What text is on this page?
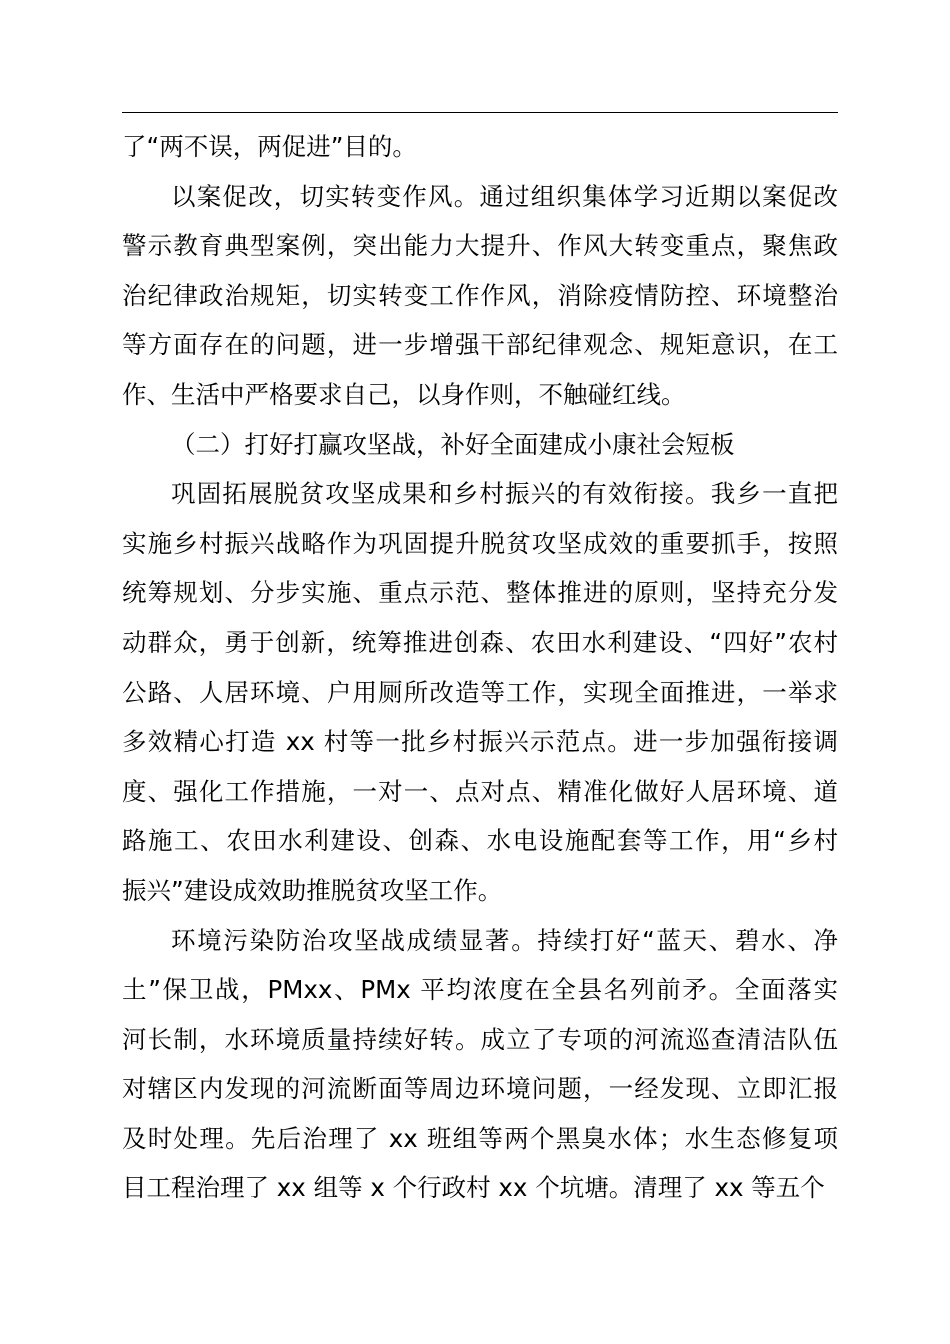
了“两不误，两促进”目的。
以案促改，切实转变作风。通过组织集体学习近期以案促改
警示教育典型案例，突出能力大提升、作风大转变重点，聚焦政
治纪律政治规矩，切实转变工作作风，消除疫情防控、环境整治
等方面存在的问题，进一步增强干部纪律观念、规矩意识，在工
作、生活中严格要求自己，以身作则，不触碰红线。
（二）打好打赢攻坚战，补好全面建成小康社会短板
巩固拓展脱贫攻坚成果和乡村振兴的有效衔接。我乡一直把
实施乡村振兴战略作为巩固提升脱贫攻坚成效的重要抓手，按照
统筹规划、分步实施、重点示范、整体推进的原则，坚持充分发
动群众，勇于创新，统筹推进创森、农田水利建设、“四好”农村
公路、人居环境、户用厕所改造等工作，实现全面推进，一举求
多效精心打造 xx 村等一批乡村振兴示范点。进一步加强衔接调
度、强化工作措施，一对一、点对点、精准化做好人居环境、道
路施工、农田水利建设、创森、水电设施配套等工作，用“乡村
振兴”建设成效助推脱贫攻坚工作。
环境污染防治攻坚战成绩显著。持续打好“蓝天、碧水、净
土”保卫战，PMxx、PMx 平均浓度在全县名列前矛。全面落实
河长制，水环境质量持续好转。成立了专项的河流巡查清洁队伍
对辖区内发现的河流断面等周边环境问题，一经发现、立即汇报
及时处理。先后治理了 xx 班组等两个黑臭水体；水生态修复项
目工程治理了 xx 组等 x 个行政村 xx 个坑塘。清理了 xx 等五个
